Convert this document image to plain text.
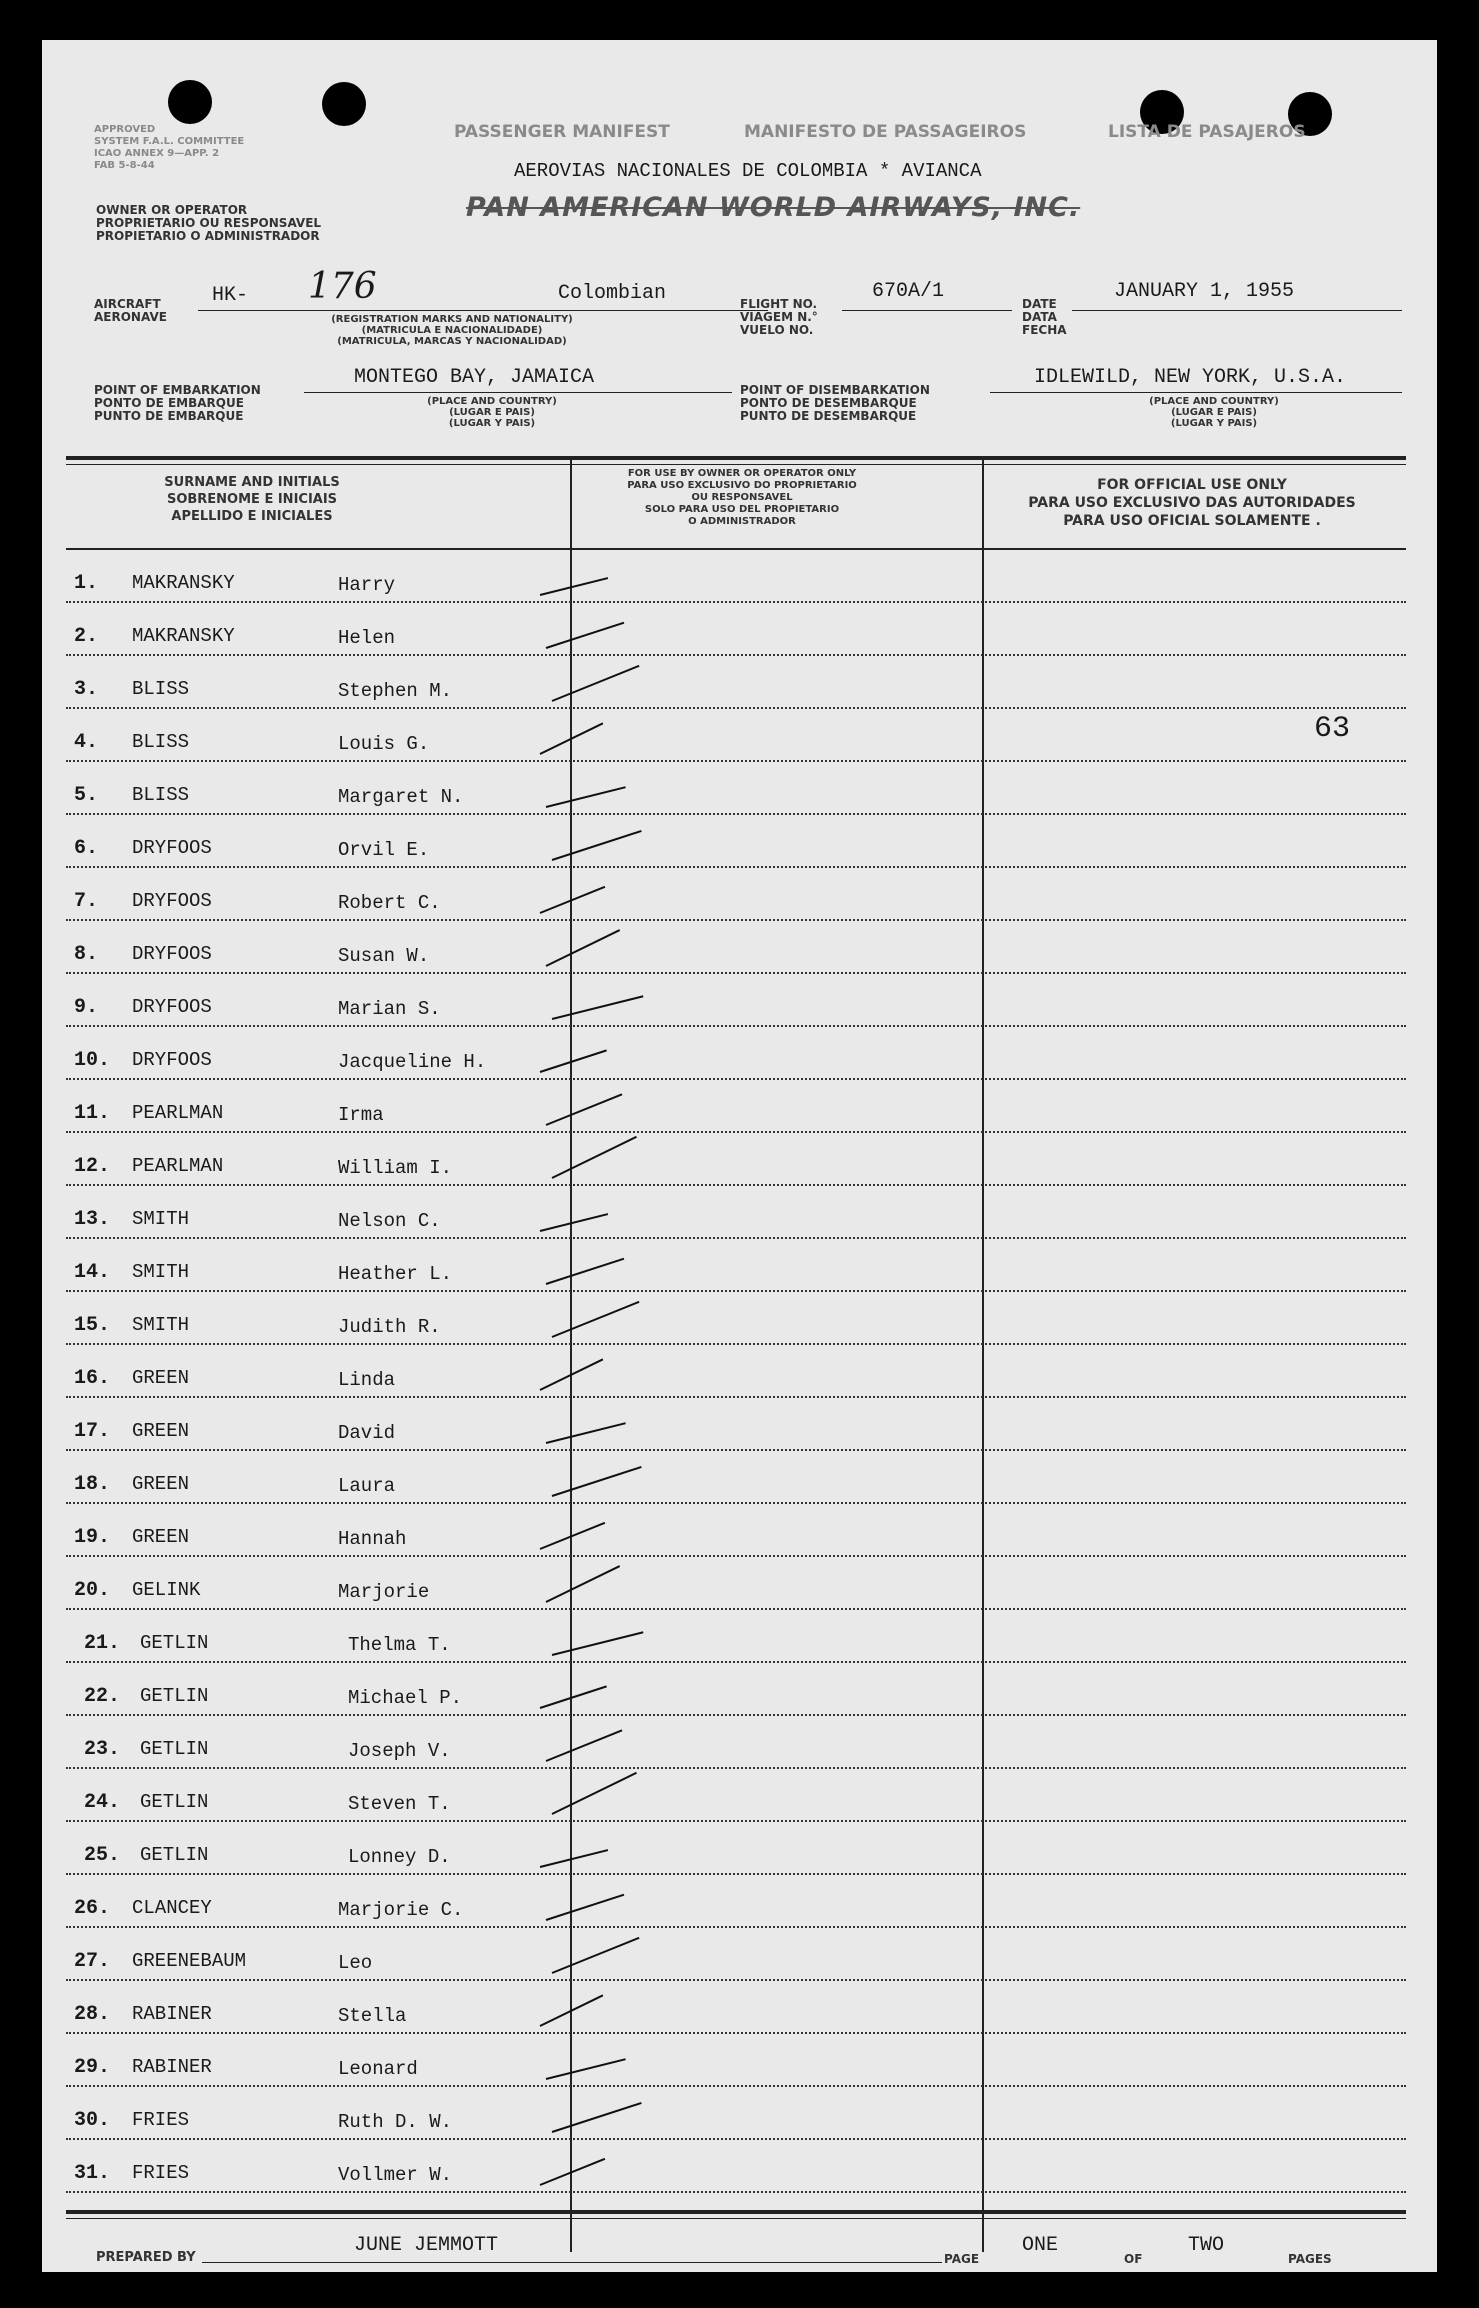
APPROVED
SYSTEM F.A.L. COMMITTEE
ICAO ANNEX 9—APP. 2
FAB 5-8-44
OWNER OR OPERATOR
PROPRIETARIO OU RESPONSAVEL
PROPIETARIO O ADMINISTRADOR
PASSENGER MANIFEST	MANIFESTO DE PASSAGEIROS	LISTA DE PASAJEROS
AEROVIAS NACIONALES DE COLOMBIA * AVIANCA
PAN AMERICAN WORLD AIRWAYS, INC.
AIRCRAFT
AERONAVE
HK- 176	Colombian
(REGISTRATION MARKS AND NATIONALITY)
(MATRICULA E NACIONALIDADE)
(MATRICULA, MARCAS Y NACIONALIDAD)
FLIGHT NO.
VIAGEM N.°
VUELO NO.
670A/1
DATE
DATA
FECHA
JANUARY 1, 1955
POINT OF EMBARKATION
PONTO DE EMBARQUE
PUNTO DE EMBARQUE
MONTEGO BAY, JAMAICA
(PLACE AND COUNTRY)
(LUGAR E PAIS)
(LUGAR Y PAIS)
POINT OF DISEMBARKATION
PONTO DE DESEMBARQUE
PUNTO DE DESEMBARQUE
IDLEWILD, NEW YORK, U.S.A.
(PLACE AND COUNTRY)
(LUGAR E PAIS)
(LUGAR Y PAIS)
SURNAME AND INITIALS
SOBRENOME E INICIAIS
APELLIDO E INICIALES
FOR USE BY OWNER OR OPERATOR ONLY
PARA USO EXCLUSIVO DO PROPRIETARIO
OU RESPONSAVEL
SOLO PARA USO DEL PROPIETARIO
O ADMINISTRADOR
FOR OFFICIAL USE ONLY
PARA USO EXCLUSIVO DAS AUTORIDADES
PARA USO OFICIAL SOLAMENTE .
1. MAKRANSKY	Harry
2. MAKRANSKY	Helen
3. BLISS	Stephen M.
4. BLISS	Louis G.
5. BLISS	Margaret N.
6. DRYFOOS	Orvil E.
7. DRYFOOS	Robert C.
8. DRYFOOS	Susan W.
9. DRYFOOS	Marian S.
10. DRYFOOS	Jacqueline H.
11. PEARLMAN	Irma
12. PEARLMAN	William I.
13. SMITH	Nelson C.
14. SMITH	Heather L.
15. SMITH	Judith R.
16. GREEN	Linda
17. GREEN	David
18. GREEN	Laura
19. GREEN	Hannah
20. GELINK	Marjorie
21. GETLIN	Thelma T.
22. GETLIN	Michael P.
23. GETLIN	Joseph V.
24. GETLIN	Steven T.
25. GETLIN	Lonney D.
26. CLANCEY	Marjorie C.
27. GREENEBAUM	Leo
28. RABINER	Stella
29. RABINER	Leonard
30. FRIES	Ruth D. W.
31. FRIES	Vollmer W.
63
PREPARED BY
JUNE JEMMOTT
PAGE
ONE
OF
TWO
PAGES
